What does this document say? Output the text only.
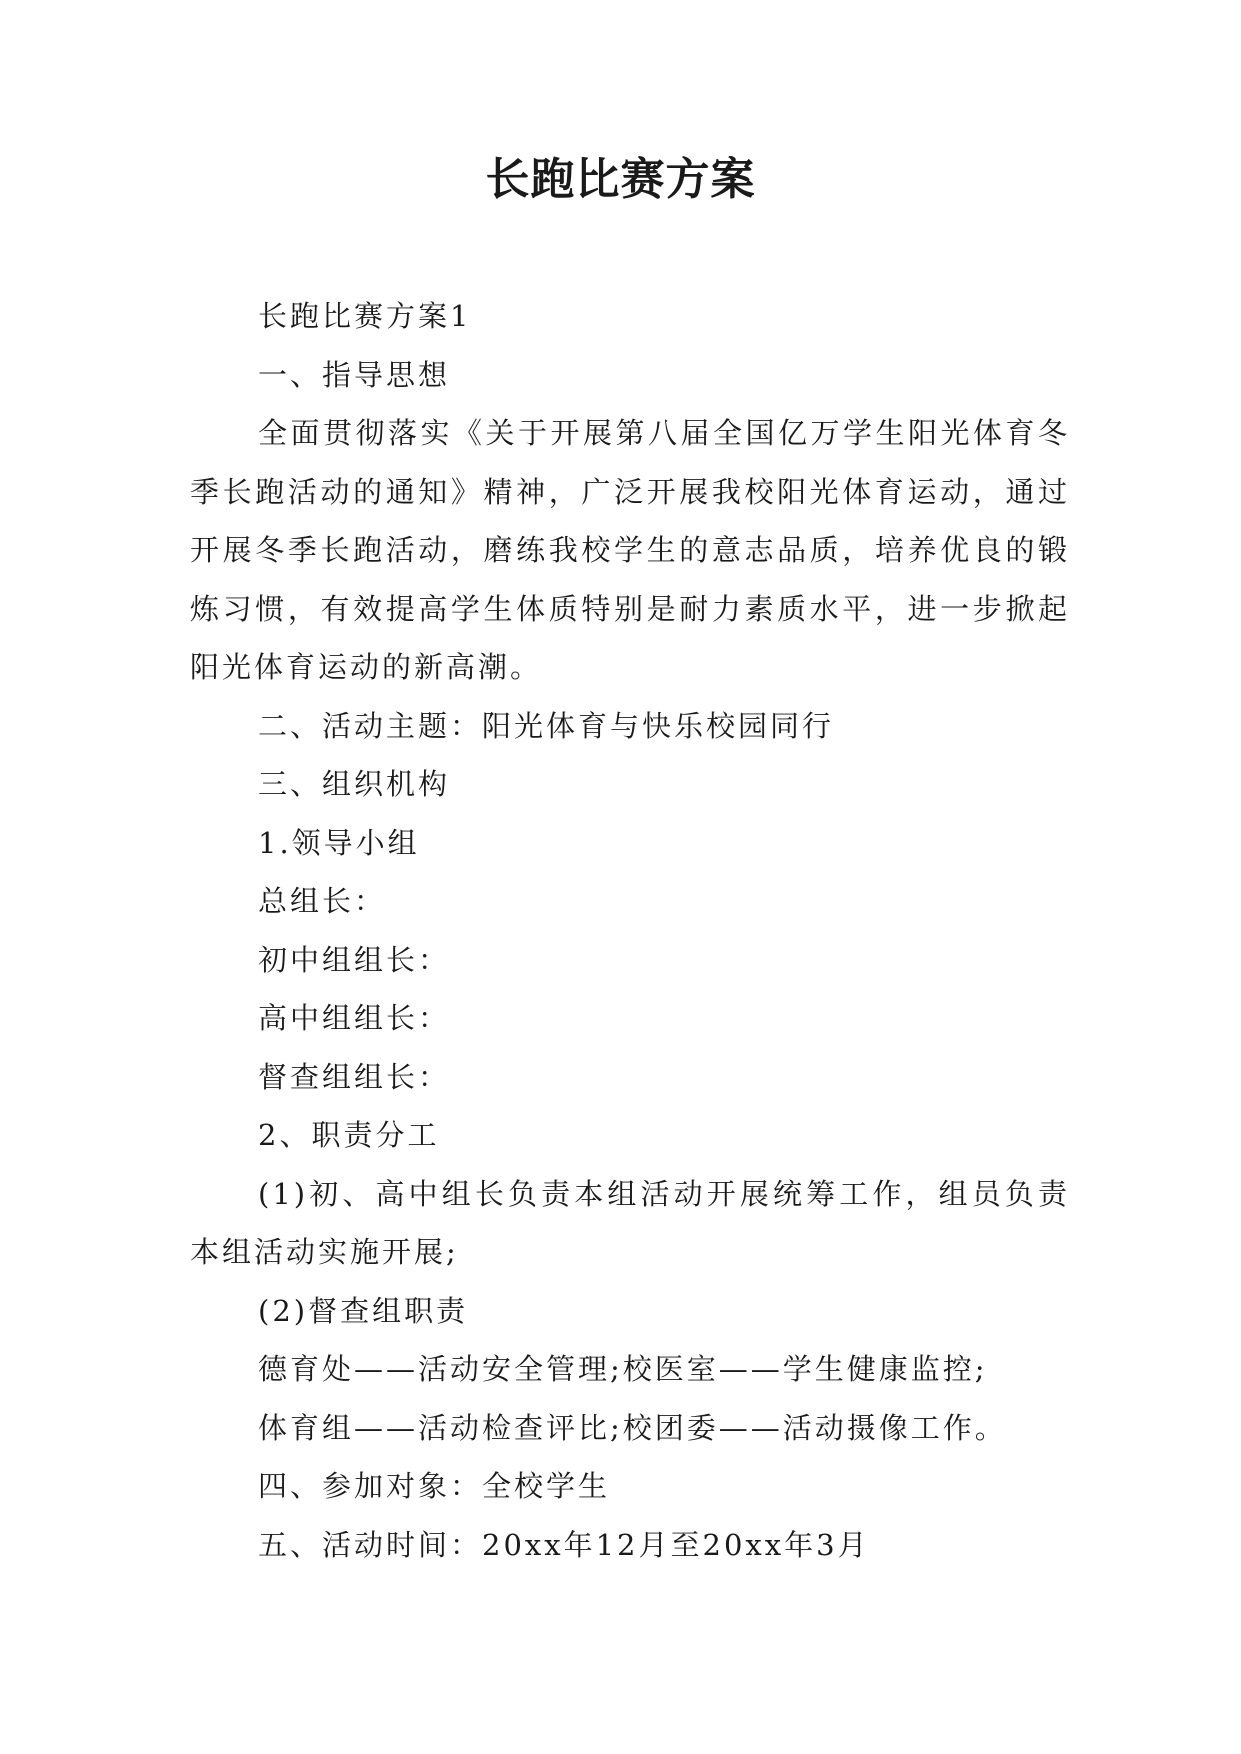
长跑比赛方案

长跑比赛方案1

一、指导思想

全面贯彻落实《关于开展第八届全国亿万学生阳光体育冬季长跑活动的通知》精神，广泛开展我校阳光体育运动，通过开展冬季长跑活动，磨练我校学生的意志品质，培养优良的锻炼习惯，有效提高学生体质特别是耐力素质水平，进一步掀起阳光体育运动的新高潮。

二、活动主题：阳光体育与快乐校园同行

三、组织机构

1.领导小组

总组长：

初中组组长：

高中组组长：

督查组组长：

2、职责分工

(1)初、高中组长负责本组活动开展统筹工作，组员负责本组活动实施开展;

(2)督查组职责

德育处——活动安全管理;校医室——学生健康监控;

体育组——活动检查评比;校团委——活动摄像工作。

四、参加对象：全校学生

五、活动时间：20xx年12月至20xx年3月
